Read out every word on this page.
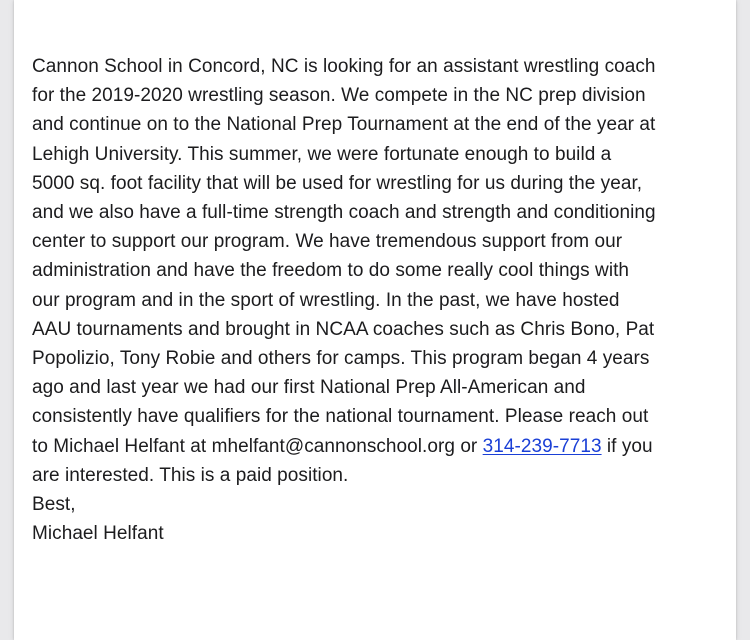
Cannon School in Concord, NC is looking for an assistant wrestling coach
for the 2019-2020 wrestling season. We compete in the NC prep division
and continue on to the National Prep Tournament at the end of the year at
Lehigh University. This summer, we were fortunate enough to build a
5000 sq. foot facility that will be used for wrestling for us during the year,
and we also have a full-time strength coach and strength and conditioning
center to support our program. We have tremendous support from our
administration and have the freedom to do some really cool things with
our program and in the sport of wrestling. In the past, we have hosted
AAU tournaments and brought in NCAA coaches such as Chris Bono, Pat
Popolizio, Tony Robie and others for camps. This program began 4 years
ago and last year we had our first National Prep All-American and
consistently have qualifiers for the national tournament. Please reach out
to Michael Helfant at mhelfant@cannonschool.org or 314-239-7713 if you
are interested. This is a paid position.

Best,
Michael Helfant
